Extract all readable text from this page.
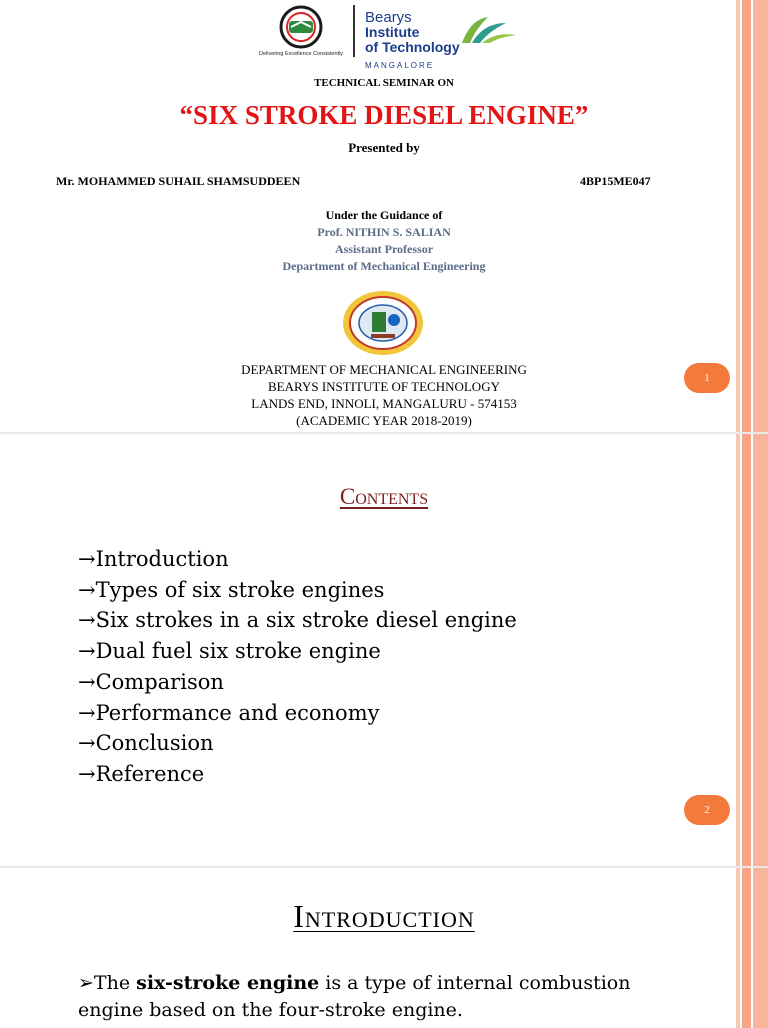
Delivering Excellence Consistently
Bearys
Institute
of Technology
MANGALORE
TECHNICAL SEMINAR ON
“SIX STROKE DIESEL ENGINE”
Presented by
Mr. MOHAMMED SUHAIL SHAMSUDDEEN	4BP15ME047
Under the Guidance of
Prof. NITHIN S. SALIAN
Assistant Professor
Department of Mechanical Engineering
DEPARTMENT OF MECHANICAL ENGINEERING
BEARYS INSTITUTE OF TECHNOLOGY
LANDS END, INNOLI, MANGALURU - 574153
(ACADEMIC YEAR 2018-2019)
1
Contents
→Introduction
→Types of six stroke engines
→Six strokes in a six stroke diesel engine
→Dual fuel six stroke engine
→Comparison
→Performance and economy
→Conclusion
→Reference
2
Introduction

➢The six-stroke engine is a type of internal combustion engine based on the four-stroke engine.
